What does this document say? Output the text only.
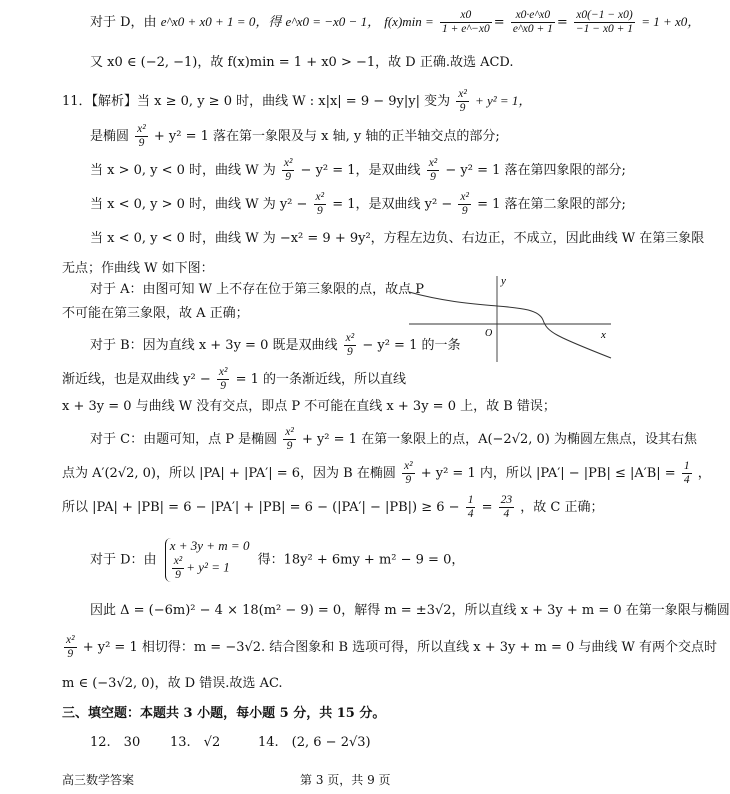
对于 D，由 e^x0 + x0 + 1 = 0，得 e^x0 = −x0 − 1， $f(x)\min = \frac{x0}{1 + e\^{}-x0} = \frac{x0\cdot e\^{}x0}{e\^{}x0 + 1} = \frac{x0(-1 - x0)}{-1 - x0 + 1} = 1 + x0$，
又 x0 ∈ (−2, −1)，故 f(x)min = 1 + x0 > −1，故 D 正确.故选 ACD.
11．【解析】当 x ≥ 0, y ≥ 0 时，曲线 W : x|x| = 9 − 9y|y| 变为 $\frac{\text{x²}}{9} + y^2 = 1$，
是椭圆 $\frac{\text{x²}}{9} + y^2 = 1$ 落在第一象限及与 x 轴, y 轴的正半轴交点的部分;
当 x > 0, y < 0 时，曲线 W 为 $\frac{\text{x²}}{9} - y^2 = 1$，是双曲线 $\frac{\text{x²}}{9} - y^2 = 1$ 落在第四象限的部分;
当 x < 0, y > 0 时，曲线 W 为 $y^2 - \frac{\text{x²}}{9} = 1$，是双曲线 $y^2 - \frac{\text{x²}}{9} = 1$ 落在第二象限的部分;
当 x < 0, y < 0 时，曲线 W 为 −x² = 9 + 9y²，方程左边负、右边正，不成立，因此曲线 W 在第三象限
无点；作曲线 W 如下图：
y
O	x
对于 A：由图可知 W 上不存在位于第三象限的点，故点 P
不可能在第三象限，故 A 正确；
对于 B：因为直线 x + 3y = 0 既是双曲线 $\frac{\text{x²}}{9} - y^2 = 1$ 的一条
渐近线，也是双曲线 $y^2 - \frac{\text{x²}}{9} = 1$ 的一条渐近线，所以直线
x + 3y = 0 与曲线 W 没有交点，即点 P 不可能在直线 x + 3y = 0 上，故 B 错误；
对于 C：由题可知，点 P 是椭圆 $\frac{\text{x²}}{9} + y^2 = 1$ 在第一象限上的点，A(−2√2, 0) 为椭圆左焦点，设其右焦
点为 A′(2√2, 0)，所以 |PA| + |PA′| = 6，因为 B 在椭圆 $\frac{\text{x²}}{9} + y^2 = 1$ 内，所以 $|PA'| - |PB| \le |A'B| = \frac{1}{4}$ ，
所以 $|PA| + |PB| = 6 - |PA'| + |PB| = 6 - (|PA'| - |PB|) \ge 6 - \frac{1}{4} = \frac{23}{4}$ ，故 C 正确；
对于 D：由
x + 3y + m = 0
$\frac{\text{x²}}{9} + y^2 = 1$	得：18y² + 6my + m² − 9 = 0，
因此 Δ = (−6m)² − 4 × 18(m² − 9) = 0，解得 m = ±3√2，所以直线 x + 3y + m = 0 在第一象限与椭圆
$\frac{\text{x²}}{9} + y^2 = 1$ 相切得：m = −3√2. 结合图象和 B 选项可得，所以直线 x + 3y + m = 0 与曲线 W 有两个交点时
m ∈ (−3√2, 0)，故 D 错误.故选 AC.
三、填空题：本题共 3 小题，每小题 5 分，共 15 分。
12.　30 13.　√2	14.　(2, 6 − 2√3)
高三数学答案	第 3 页，共 9 页
